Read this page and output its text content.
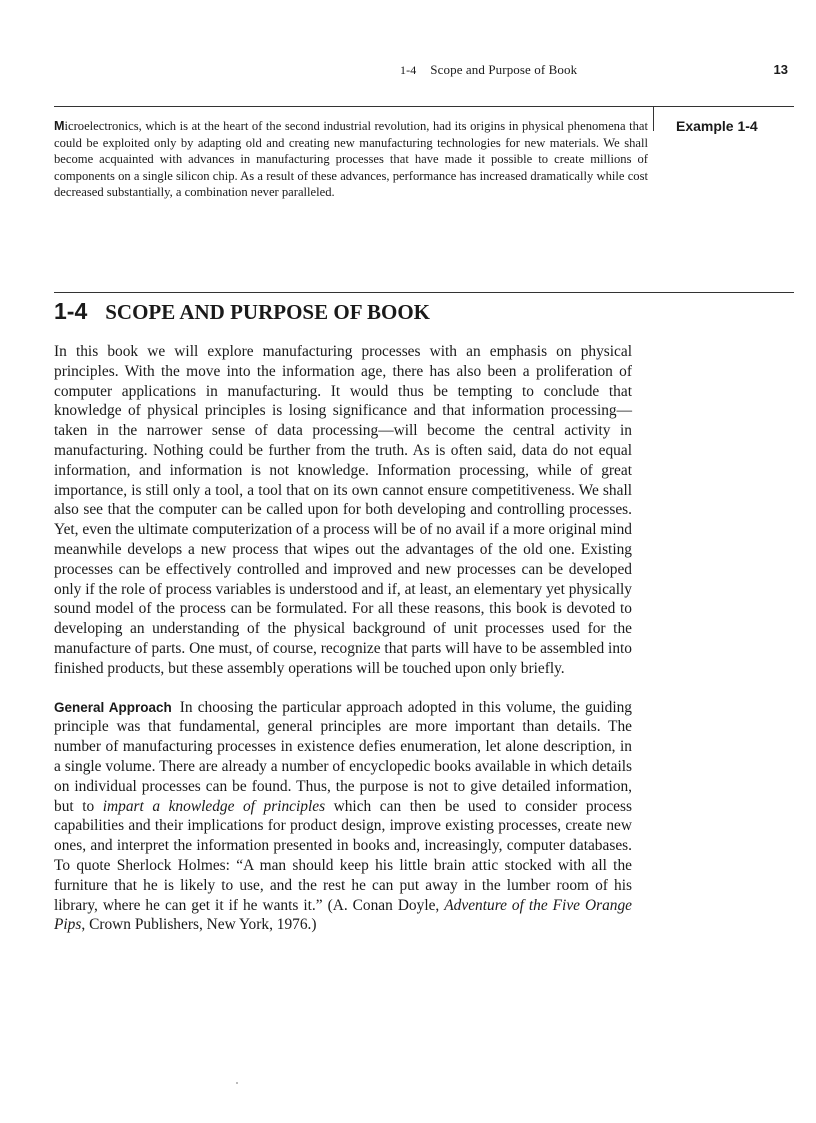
1-4 Scope and Purpose of Book	13
Example 1-4
Microelectronics, which is at the heart of the second industrial revolution, had its origins in physical phenomena that could be exploited only by adapting old and creating new manufacturing technologies for new materials. We shall become acquainted with advances in manufacturing processes that have made it possible to create millions of components on a single silicon chip. As a result of these advances, performance has increased dramatically while cost decreased substantially, a combination never paralleled.
1-4 SCOPE AND PURPOSE OF BOOK

In this book we will explore manufacturing processes with an emphasis on physical principles. With the move into the information age, there has also been a proliferation of computer applications in manufacturing. It would thus be tempting to conclude that knowledge of physical principles is losing significance and that information processing—taken in the narrower sense of data processing—will become the central activity in manufacturing. Nothing could be further from the truth. As is often said, data do not equal information, and information is not knowledge. Information processing, while of great importance, is still only a tool, a tool that on its own cannot ensure competitiveness. We shall also see that the computer can be called upon for both developing and controlling processes. Yet, even the ultimate computerization of a process will be of no avail if a more original mind meanwhile develops a new process that wipes out the advantages of the old one. Existing processes can be effectively controlled and improved and new processes can be developed only if the role of process variables is understood and if, at least, an elementary yet physically sound model of the process can be formulated. For all these reasons, this book is devoted to developing an understanding of the physical background of unit processes used for the manufacture of parts. One must, of course, recognize that parts will have to be assembled into finished products, but these assembly operations will be touched upon only briefly.

General Approach In choosing the particular approach adopted in this volume, the guiding principle was that fundamental, general principles are more important than details. The number of manufacturing processes in existence defies enumeration, let alone description, in a single volume. There are already a number of encyclopedic books available in which details on individual processes can be found. Thus, the purpose is not to give detailed information, but to impart a knowledge of principles which can then be used to consider process capabilities and their implications for product design, improve existing processes, create new ones, and interpret the information presented in books and, increasingly, computer databases. To quote Sherlock Holmes: “A man should keep his little brain attic stocked with all the furniture that he is likely to use, and the rest he can put away in the lumber room of his library, where he can get it if he wants it.” (A. Conan Doyle, Adventure of the Five Orange Pips, Crown Publishers, New York, 1976.)
